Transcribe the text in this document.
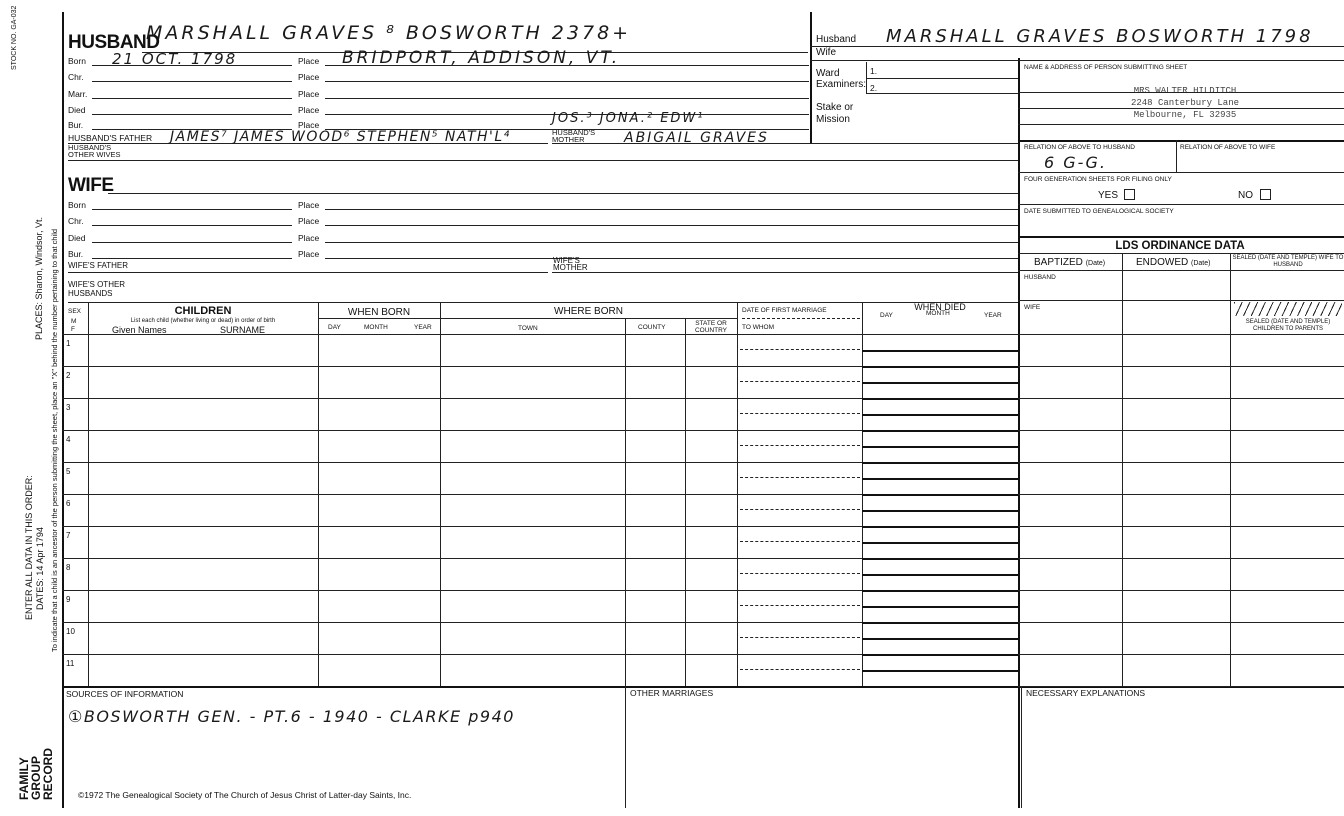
STOCK NO. GA-032
PLACES: Sharon, Windsor, Vt.
ENTER ALL DATA IN THIS ORDER: DATES: 14 Apr 1794 To indicate that a child is an ancestor of the person submitting the sheet, place an "X" behind the number pertaining to that child
FAMILY
GROUP
RECORD
HUSBAND
MARSHALL GRAVES ⁸ BOSWORTH 2378+
Born 21 OCT. 1798	Place BRIDPORT, ADDISON, VT.
Chr.	Place
Marr.	Place
Died	Place
Bur.	Place	JOS.³ JONA.² EDW¹
HUSBAND'S FATHER JAMES⁷ JAMES WOOD⁶ STEPHEN⁵ NATH'L⁴	HUSBAND'S MOTHER	ABIGAIL GRAVES
HUSBAND'S OTHER WIVES
WIFE
Born	Place
Chr.	Place
Died	Place
Bur.	Place
WIFE'S FATHER
WIFE'S MOTHER
WIFE'S OTHER HUSBANDS
SEX
M F
CHILDREN
List each child (whether living or dead) in order of birth
Given Names	SURNAME
WHEN BORN
DAY	MONTH	YEAR
WHERE BORN
TOWN	COUNTY
STATE OR COUNTRY
DATE OF FIRST MARRIAGE
TO WHOM
WHEN DIED
DAY	MONTH	YEAR
1
2
3
4
5
6
7
8
9
10
11
Husband MARSHALL GRAVES BOSWORTH 1798
Wife
Ward	1.
Examiners: 2.
Stake or Mission
NAME & ADDRESS OF PERSON SUBMITTING SHEET
MRS WALTER HILDITCH
2248 Canterbury Lane
Melbourne, FL 32935
RELATION OF ABOVE TO HUSBAND	RELATION OF ABOVE TO WIFE
6 G-G.
FOUR GENERATION SHEETS FOR FILING ONLY
YES	NO
DATE SUBMITTED TO GENEALOGICAL SOCIETY
LDS ORDINANCE DATA
BAPTIZED (Date)	ENDOWED (Date)
SEALED (DATE AND TEMPLE) WIFE TO HUSBAND
HUSBAND
WIFE
SEALED (DATE AND TEMPLE) CHILDREN TO PARENTS
NECESSARY EXPLANATIONS
SOURCES OF INFORMATION
①BOSWORTH GEN. - PT.6 - 1940 - CLARKE p940
OTHER MARRIAGES
©1972 The Genealogical Society of The Church of Jesus Christ of Latter-day Saints, Inc.
